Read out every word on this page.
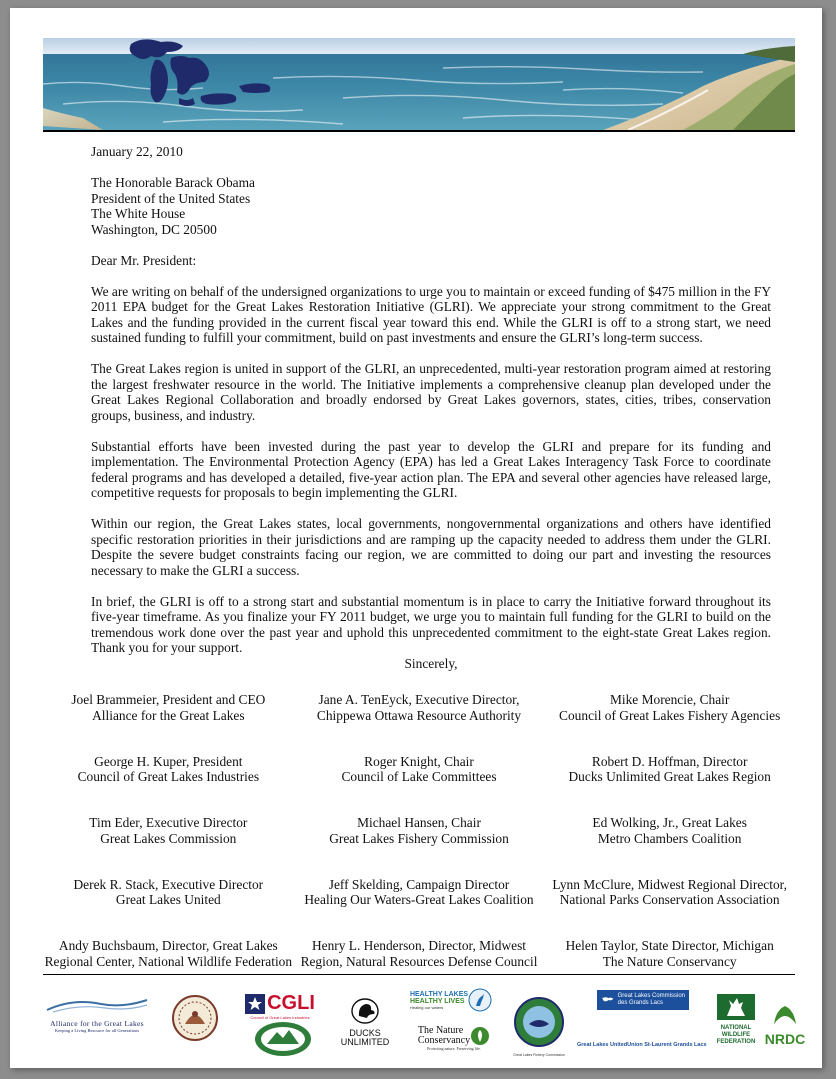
January 22, 2010

The Honorable Barack Obama
President of the United States
The White House
Washington, DC 20500

Dear Mr. President:

We are writing on behalf of the undersigned organizations to urge you to maintain or exceed funding of $475 million in the FY 2011 EPA budget for the Great Lakes Restoration Initiative (GLRI). We appreciate your strong commitment to the Great Lakes and the funding provided in the current fiscal year toward this end. While the GLRI is off to a strong start, we need sustained funding to fulfill your commitment, build on past investments and ensure the GLRI’s long-term success.

The Great Lakes region is united in support of the GLRI, an unprecedented, multi-year restoration program aimed at restoring the largest freshwater resource in the world. The Initiative implements a comprehensive cleanup plan developed under the Great Lakes Regional Collaboration and broadly endorsed by Great Lakes governors, states, cities, tribes, conservation groups, business, and industry.

Substantial efforts have been invested during the past year to develop the GLRI and prepare for its funding and implementation. The Environmental Protection Agency (EPA) has led a Great Lakes Interagency Task Force to coordinate federal programs and has developed a detailed, five-year action plan. The EPA and several other agencies have released large, competitive requests for proposals to begin implementing the GLRI.

Within our region, the Great Lakes states, local governments, nongovernmental organizations and others have identified specific restoration priorities in their jurisdictions and are ramping up the capacity needed to address them under the GLRI. Despite the severe budget constraints facing our region, we are committed to doing our part and investing the resources necessary to make the GLRI a success.

In brief, the GLRI is off to a strong start and substantial momentum is in place to carry the Initiative forward throughout its five-year timeframe. As you finalize your FY 2011 budget, we urge you to maintain full funding for the GLRI to build on the tremendous work done over the past year and uphold this unprecedented commitment to the eight-state Great Lakes region. Thank you for your support.

Sincerely,

Joel Brammeier, President and CEO
Alliance for the Great Lakes
Jane A. TenEyck, Executive Director,
Chippewa Ottawa Resource Authority
Mike Morencie, Chair
Council of Great Lakes Fishery Agencies
George H. Kuper, President
Council of Great Lakes Industries
Roger Knight, Chair
Council of Lake Committees
Robert D. Hoffman, Director
Ducks Unlimited Great Lakes Region
Tim Eder, Executive Director
Great Lakes Commission
Michael Hansen, Chair
Great Lakes Fishery Commission
Ed Wolking, Jr., Great Lakes
Metro Chambers Coalition
Derek R. Stack, Executive Director
Great Lakes United
Jeff Skelding, Campaign Director
Healing Our Waters-Great Lakes Coalition
Lynn McClure, Midwest Regional Director,
National Parks Conservation Association
Andy Buchsbaum, Director, Great Lakes
Regional Center, National Wildlife Federation
Henry L. Henderson, Director, Midwest
Region, Natural Resources Defense Council
Helen Taylor, State Director, Michigan
The Nature Conservancy
Alliance for the Great Lakes
Keeping a Living Resource for all Generations
CGLI
Council of Great Lakes Industries
DUCKS
UNLIMITED
HEALTHY LAKES
HEALTHY LIVES
Healing our waters
The Nature
Conservancy
Protecting nature. Preserving life.
Great Lakes Fishery Commission
Great Lakes Commission
des Grands Lacs
Great Lakes United Union St-Laurent Grands Lacs
NATIONAL
WILDLIFE
FEDERATION NRDC
